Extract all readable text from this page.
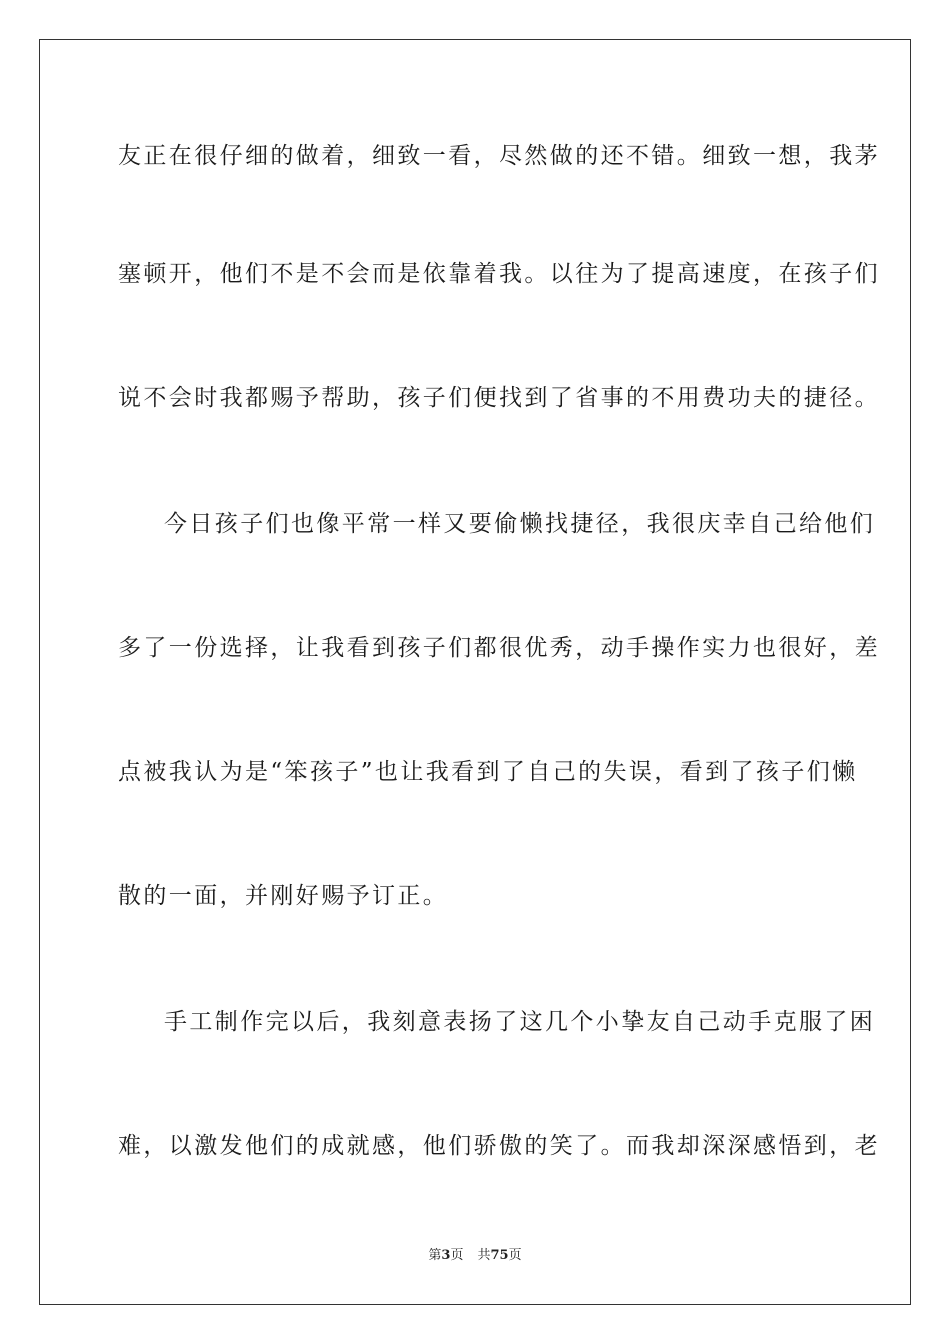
友正在很仔细的做着，细致一看，尽然做的还不错。细致一想，我茅
塞顿开，他们不是不会而是依靠着我。以往为了提高速度，在孩子们
说不会时我都赐予帮助，孩子们便找到了省事的不用费功夫的捷径。
今日孩子们也像平常一样又要偷懒找捷径，我很庆幸自己给他们
多了一份选择，让我看到孩子们都很优秀，动手操作实力也很好，差
点被我认为是“笨孩子”也让我看到了自己的失误，看到了孩子们懒
散的一面，并刚好赐予订正。
手工制作完以后，我刻意表扬了这几个小挚友自己动手克服了困
难，以激发他们的成就感，他们骄傲的笑了。而我却深深感悟到，老
第3页 共75页
